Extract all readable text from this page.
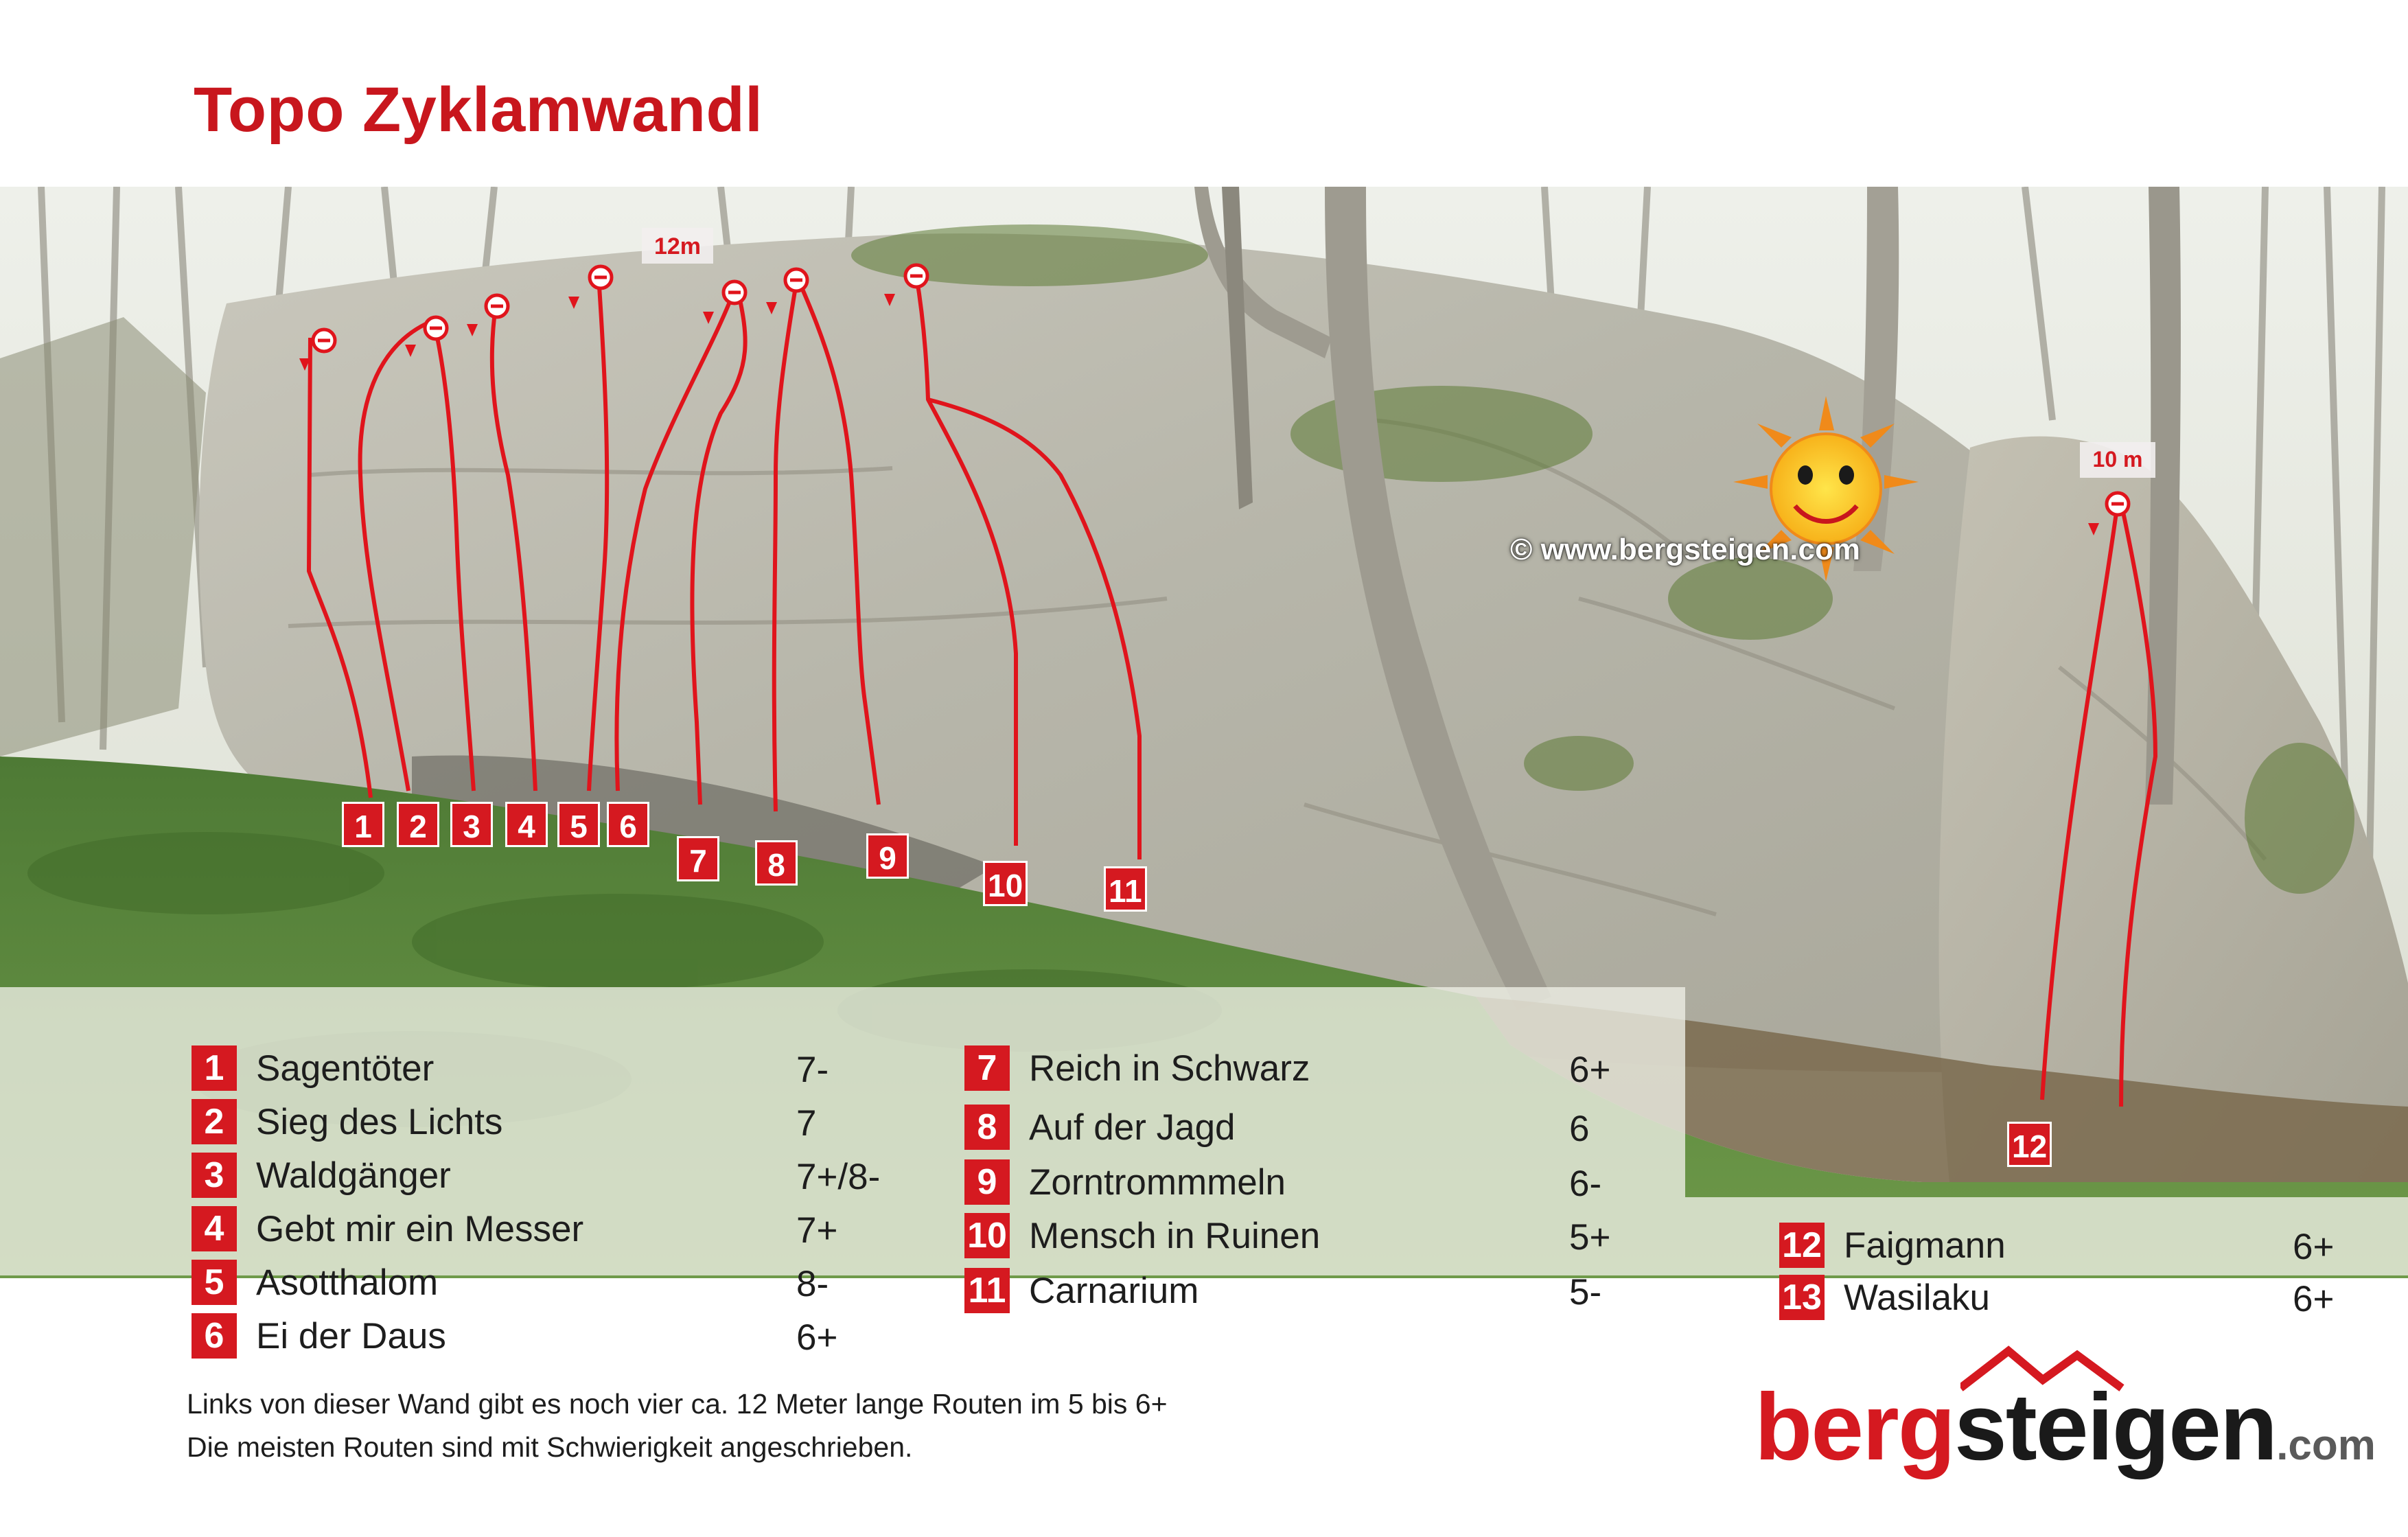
Topo Zyklamwandl
12m
10 m
1	2	3	4	5	6
7	8	9
10	11
12
© www.bergsteigen.com
1 Sagentöter	7-
2 Sieg des Lichts	7
3 Waldgänger	7+/8-
4 Gebt mir ein Messer	7+
5 Asotthalom	8-
6 Ei der Daus	6+
7 Reich in Schwarz	6+
8 Auf der Jagd	6
9 Zorntrommmeln	6-
10 Mensch in Ruinen	5+
11 Carnarium	5-
12 Faigmann	6+
13 Wasilaku	6+
Links von dieser Wand gibt es noch vier ca. 12 Meter lange Routen im 5 bis 6+
Die meisten Routen sind mit Schwierigkeit angeschrieben.	bergsteigen.com
